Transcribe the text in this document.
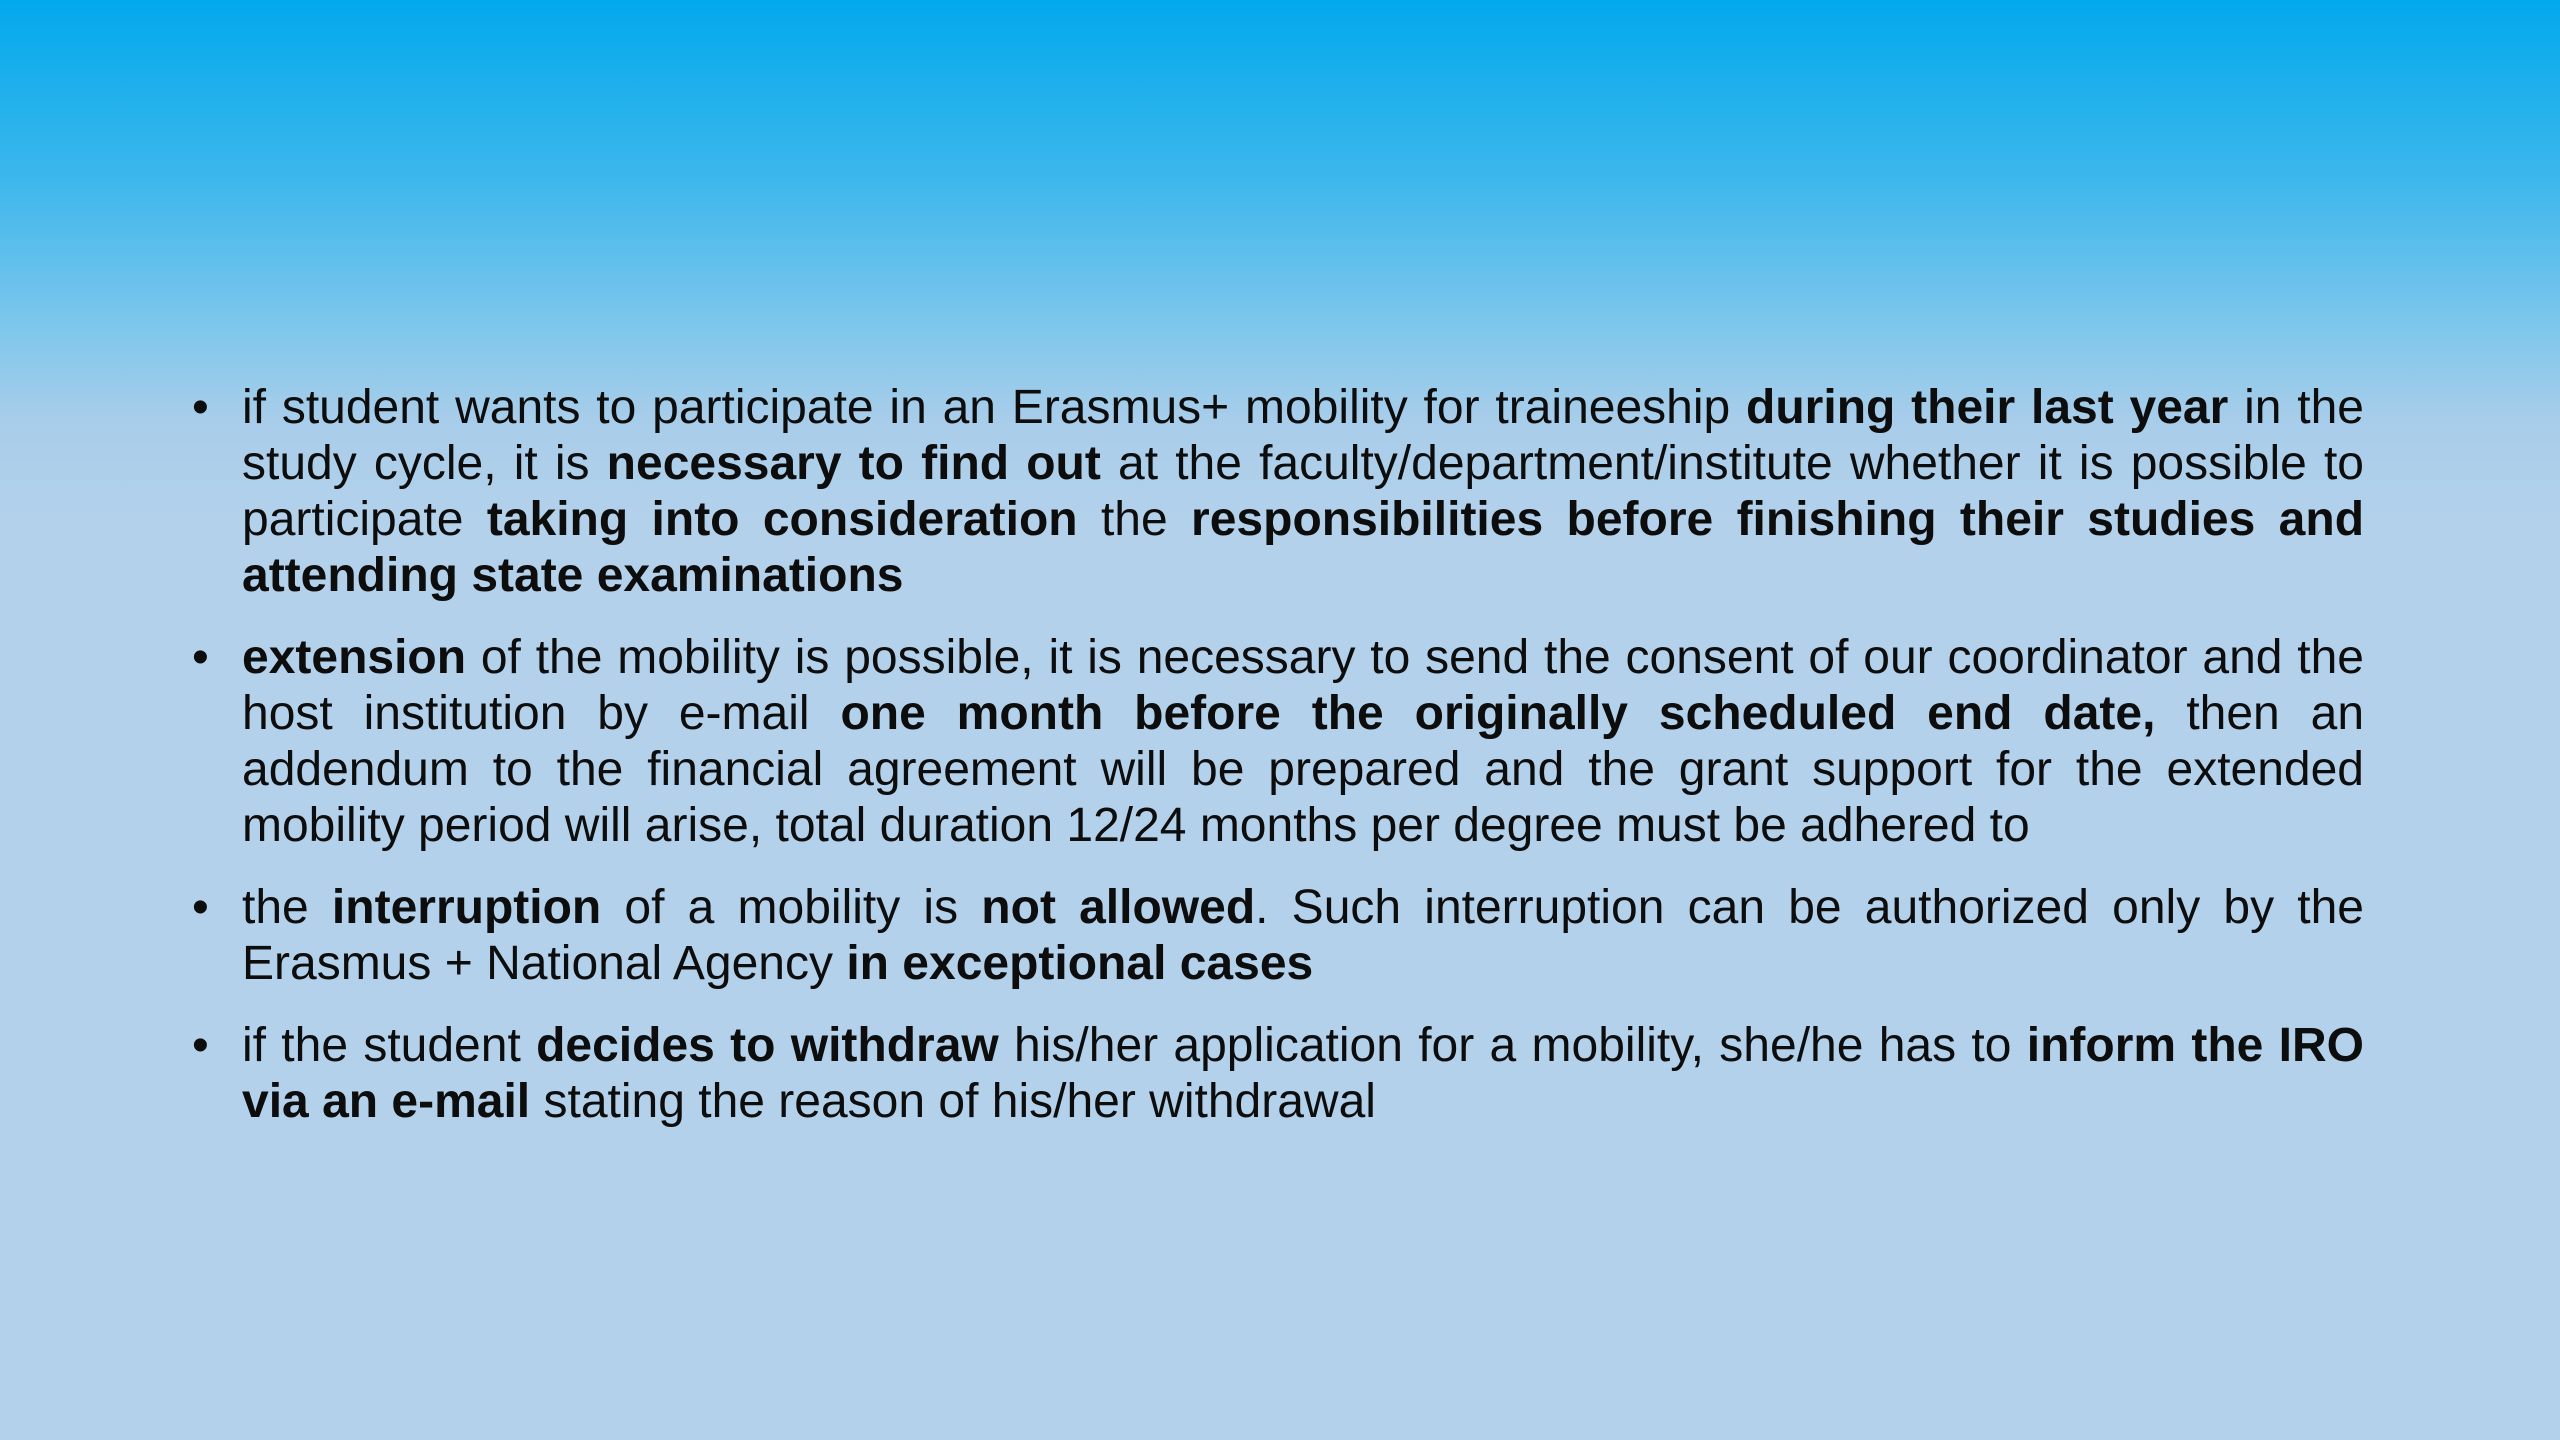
• if student wants to participate in an Erasmus+ mobility for traineeship during their last year in the study cycle, it is necessary to find out at the faculty/department/institute whether it is possible to participate taking into consideration the responsibilities before finishing their studies and attending state examinations
• extension of the mobility is possible, it is necessary to send the consent of our coordinator and the host institution by e-mail one month before the originally scheduled end date, then an addendum to the financial agreement will be prepared and the grant support for the extended mobility period will arise, total duration 12/24 months per degree must be adhered to
• the interruption of a mobility is not allowed. Such interruption can be authorized only by the Erasmus + National Agency in exceptional cases
• if the student decides to withdraw his/her application for a mobility, she/he has to inform the IRO via an e-mail stating the reason of his/her withdrawal
